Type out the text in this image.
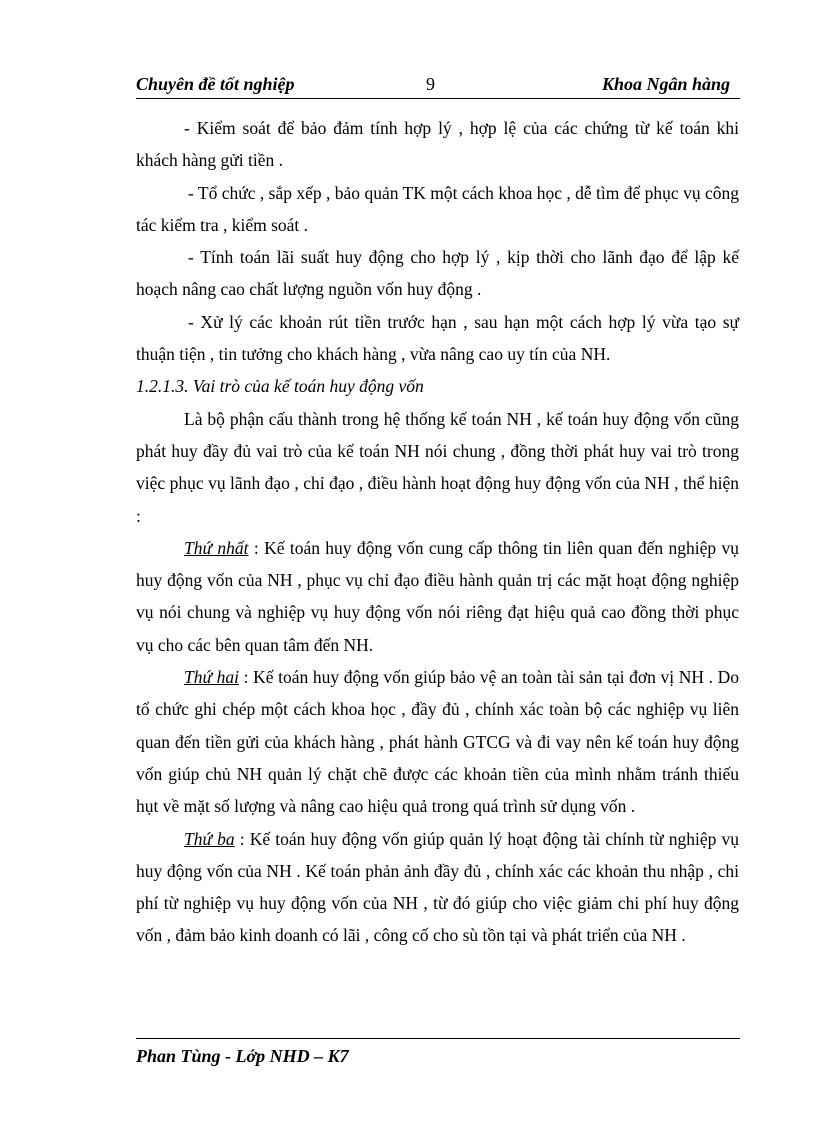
Chuyên đề tốt nghiệp	9	Khoa Ngân hàng

- Kiểm soát để bảo đảm tính hợp lý , hợp lệ của các chứng từ kế toán khi khách hàng gửi tiền .

- Tổ chức , sắp xếp , bảo quản TK một cách khoa học , dễ tìm để phục vụ công tác kiểm tra , kiểm soát .

- Tính toán lãi suất huy động cho hợp lý , kịp thời cho lãnh đạo để lập kế hoạch nâng cao chất lượng nguồn vốn huy động .

- Xử lý các khoản rút tiền trước hạn , sau hạn một cách hợp lý vừa tạo sự thuận tiện , tin tưởng cho khách hàng , vừa nâng cao uy tín của NH.

1.2.1.3. Vai trò của kế toán huy động vốn

Là bộ phận cấu thành trong hệ thống kế toán NH , kế toán huy động vốn cũng phát huy đầy đủ vai trò của kế toán NH nói chung , đồng thời phát huy vai trò trong việc phục vụ lãnh đạo , chỉ đạo , điều hành hoạt động huy động vốn của NH , thể hiện :

Thứ nhất : Kế toán huy động vốn cung cấp thông tin liên quan đến nghiệp vụ huy động vốn của NH , phục vụ chỉ đạo điều hành quản trị các mặt hoạt động nghiệp vụ nói chung và nghiệp vụ huy động vốn nói riêng đạt hiệu quả cao đồng thời phục vụ cho các bên quan tâm đến NH.

Thứ hai : Kế toán huy động vốn giúp bảo vệ an toàn tài sản tại đơn vị NH . Do tổ chức ghi chép một cách khoa học , đầy đủ , chính xác toàn bộ các nghiệp vụ liên quan đến tiền gửi của khách hàng , phát hành GTCG và đi vay nên kế toán huy động vốn giúp chủ NH quản lý chặt chẽ được các khoản tiền của mình nhằm tránh thiếu hụt về mặt số lượng và nâng cao hiệu quả trong quá trình sử dụng vốn .

Thứ ba : Kế toán huy động vốn giúp quản lý hoạt động tài chính từ nghiệp vụ huy động vốn của NH . Kế toán phản ảnh đầy đủ , chính xác các khoản thu nhập , chi phí từ nghiệp vụ huy động vốn của NH , từ đó giúp cho việc giảm chi phí huy động vốn , đảm bảo kinh doanh có lãi , công cố cho sù tồn tại và phát triển của NH .

Phan Tùng - Lớp NHD – K7
